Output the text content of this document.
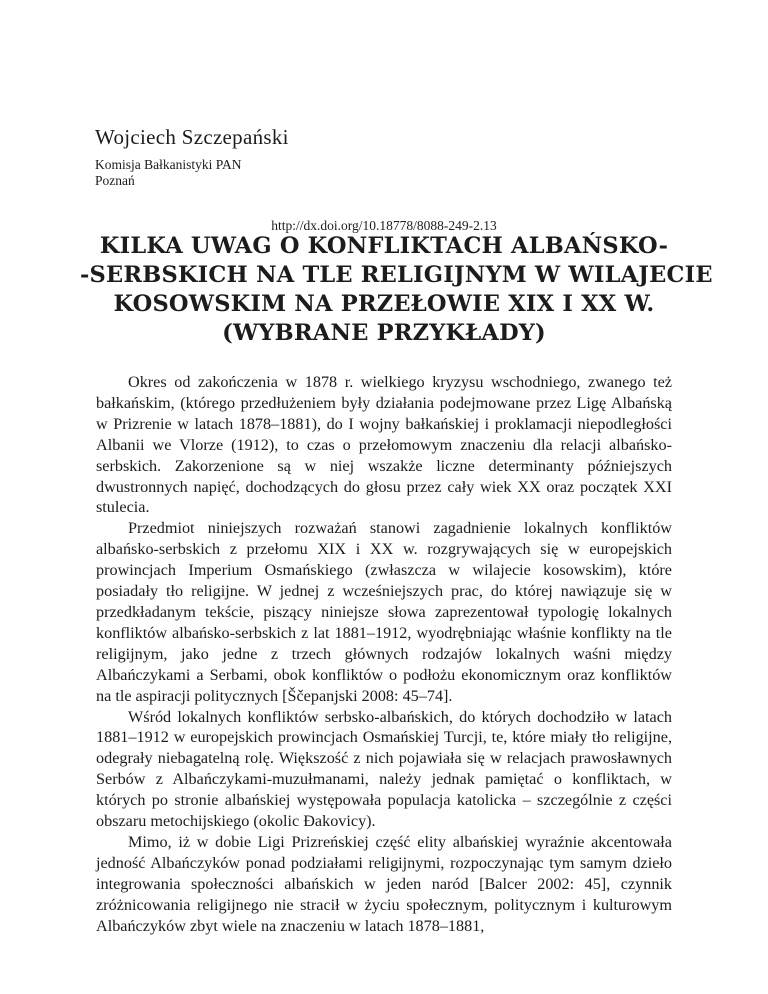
Wojciech Szczepański
Komisja Bałkanistyki PAN
Poznań
http://dx.doi.org/10.18778/8088-249-2.13
KILKA UWAG O KONFLIKTACH ALBAŃSKO-
-SERBSKICH NA TLE RELIGIJNYM W WILAJECIE
KOSOWSKIM NA PRZEŁOWIE XIX I XX W.
(WYBRANE PRZYKŁADY)

Okres od zakończenia w 1878 r. wielkiego kryzysu wschodniego, zwanego też bałkańskim, (którego przedłużeniem były działania podejmowane przez Ligę Albańską w Prizrenie w latach 1878–1881), do I wojny bałkańskiej i proklamacji niepodległości Albanii we Vlorze (1912), to czas o przełomowym znaczeniu dla relacji albańsko-serbskich. Zakorzenione są w niej wszakże liczne determinanty późniejszych dwustronnych napięć, dochodzących do głosu przez cały wiek XX oraz początek XXI stulecia.

Przedmiot niniejszych rozważań stanowi zagadnienie lokalnych konfliktów albańsko-serbskich z przełomu XIX i XX w. rozgrywających się w europejskich prowincjach Imperium Osmańskiego (zwłaszcza w wilajecie kosowskim), które posiadały tło religijne. W jednej z wcześniejszych prac, do której nawiązuje się w przedkładanym tekście, piszący niniejsze słowa zaprezentował typologię lokalnych konfliktów albańsko-serbskich z lat 1881–1912, wyodrębniając właśnie konflikty na tle religijnym, jako jedne z trzech głównych rodzajów lokalnych waśni między Albańczykami a Serbami, obok konfliktów o podłożu ekonomicznym oraz konfliktów na tle aspiracji politycznych [Ščepanjski 2008: 45–74].

Wśród lokalnych konfliktów serbsko-albańskich, do których dochodziło w latach 1881–1912 w europejskich prowincjach Osmańskiej Turcji, te, które miały tło religijne, odegrały niebagatelną rolę. Większość z nich pojawiała się w relacjach prawosławnych Serbów z Albańczykami-muzułmanami, należy jednak pamiętać o konfliktach, w których po stronie albańskiej występowała populacja katolicka – szczególnie z części obszaru metochijskiego (okolic Đakovicy).

Mimo, iż w dobie Ligi Prizreńskiej część elity albańskiej wyraźnie akcentowała jedność Albańczyków ponad podziałami religijnymi, rozpoczynając tym samym dzieło integrowania społeczności albańskich w jeden naród [Balcer 2002: 45], czynnik zróżnicowania religijnego nie stracił w życiu społecznym, politycznym i kulturowym Albańczyków zbyt wiele na znaczeniu w latach 1878–1881,
